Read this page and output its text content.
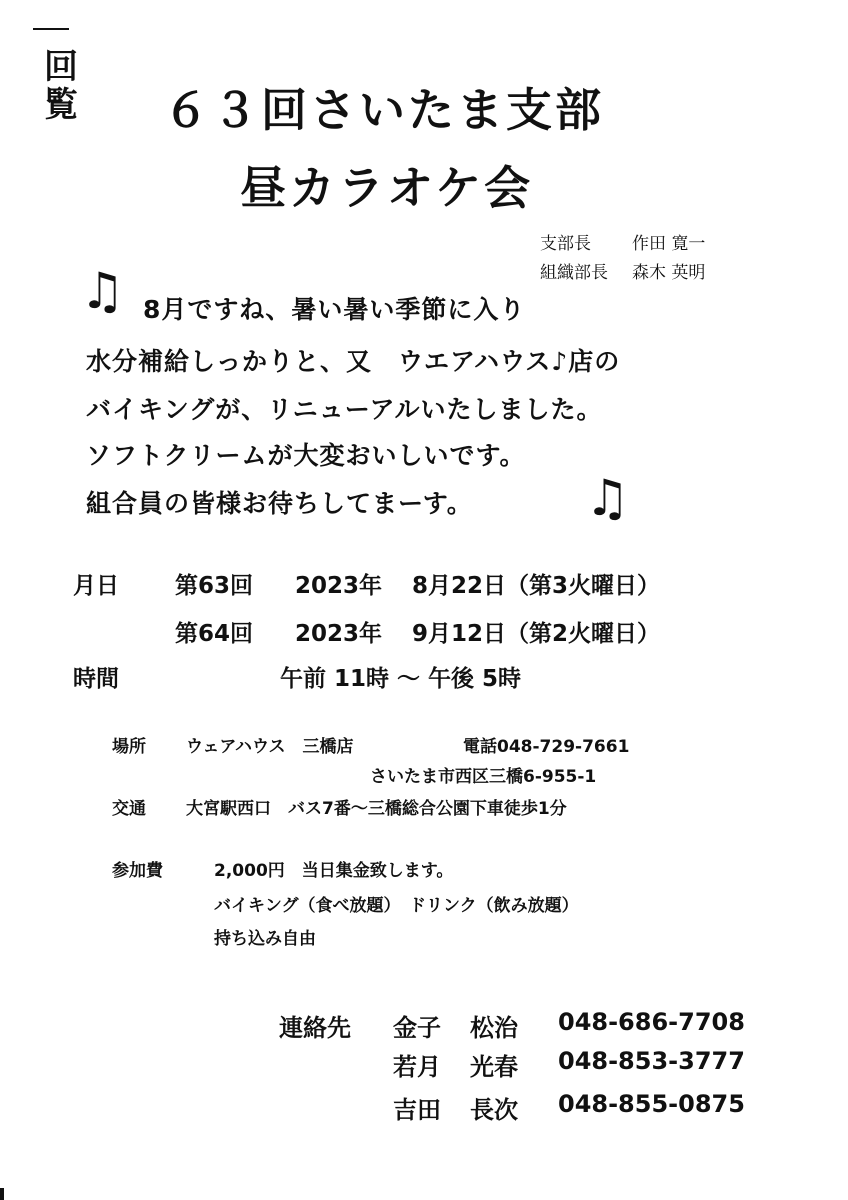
回
覧 ６３回さいたま支部
昼カラオケ会
支部長 作田 寛一
組織部長 森木 英明
♫
♫
8月ですね、暑い暑い季節に入り
水分補給しっかりと、又　ウエアハウス♪店の
バイキングが、リニューアルいたしました。
ソフトクリームが大変おいしいです。
組合員の皆様お待ちしてまーす。
月日 第63回 2023年 8月22日（第3火曜日）
第64回 2023年 9月12日（第2火曜日）
時間	午前 11時 ～ 午後 5時
場所 ウェアハウス　三橋店	電話048-729-7661
さいたま市西区三橋6-955-1
交通 大宮駅西口　バス7番～三橋総合公園下車徒歩1分
参加費	2,000円　当日集金致します。
バイキング（食べ放題）　ドリンク（飲み放題）
持ち込み自由
連絡先 金子 松治 048-686-7708
若月 光春 048-853-3777
吉田 長次 048-855-0875
